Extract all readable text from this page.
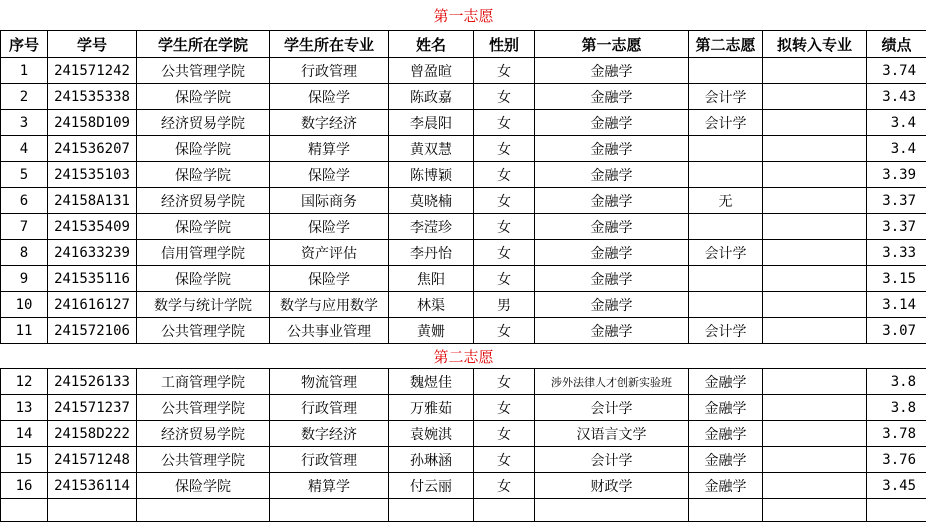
第一志愿									
序号	学号	学生所在学院	学生所在专业	姓名	性别	第一志愿	第二志愿	拟转入专业	绩点
1	241571242	公共管理学院	行政管理	曾盈暄	女	金融学			3.74
2	241535338	保险学院	保险学	陈政嘉	女	金融学	会计学		3.43
3	24158D109	经济贸易学院	数字经济	李晨阳	女	金融学	会计学		3.4
4	241536207	保险学院	精算学	黄双慧	女	金融学			3.4
5	241535103	保险学院	保险学	陈博颖	女	金融学			3.39
6	24158A131	经济贸易学院	国际商务	莫晓楠	女	金融学	无		3.37
7	241535409	保险学院	保险学	李滢珍	女	金融学			3.37
8	241633239	信用管理学院	资产评估	李丹怡	女	金融学	会计学		3.33
9	241535116	保险学院	保险学	焦阳	女	金融学			3.15
10	241616127	数学与统计学院	数学与应用数学	林渠	男	金融学			3.14
11	241572106	公共管理学院	公共事业管理	黄姗	女	金融学	会计学		3.07
第二志愿									
12	241526133	工商管理学院	物流管理	魏煜佳	女	涉外法律人才创新实验班	金融学		3.8
13	241571237	公共管理学院	行政管理	万雅茹	女	会计学	金融学		3.8
14	24158D222	经济贸易学院	数字经济	袁婉淇	女	汉语言文学	金融学		3.78
15	241571248	公共管理学院	行政管理	孙琳涵	女	会计学	金融学		3.76
16	241536114	保险学院	精算学	付云丽	女	财政学	金融学		3.45
